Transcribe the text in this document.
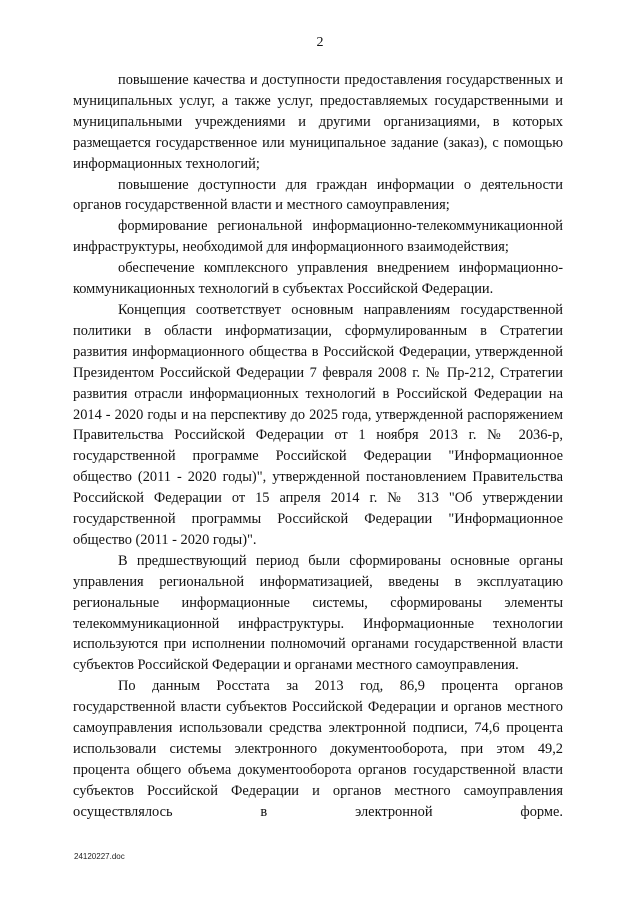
2

повышение качества и доступности предоставления государственных и муниципальных услуг, а также услуг, предоставляемых государственными и муниципальными учреждениями и другими организациями, в которых размещается государственное или муниципальное задание (заказ), с помощью информационных технологий;

повышение доступности для граждан информации о деятельности органов государственной власти и местного самоуправления;

формирование региональной информационно-телекоммуникационной инфраструктуры, необходимой для информационного взаимодействия;

обеспечение комплексного управления внедрением информационно-коммуникационных технологий в субъектах Российской Федерации.

Концепция соответствует основным направлениям государственной политики в области информатизации, сформулированным в Стратегии развития информационного общества в Российской Федерации, утвержденной Президентом Российской Федерации 7 февраля 2008 г. № Пр-212, Стратегии развития отрасли информационных технологий в Российской Федерации на 2014 - 2020 годы и на перспективу до 2025 года, утвержденной распоряжением Правительства Российской Федерации от 1 ноября 2013 г. № 2036-р, государственной программе Российской Федерации "Информационное общество (2011 - 2020 годы)", утвержденной постановлением Правительства Российской Федерации от 15 апреля 2014 г. № 313 "Об утверждении государственной программы Российской Федерации "Информационное общество (2011 - 2020 годы)".

В предшествующий период были сформированы основные органы управления региональной информатизацией, введены в эксплуатацию региональные информационные системы, сформированы элементы телекоммуникационной инфраструктуры. Информационные технологии используются при исполнении полномочий органами государственной власти субъектов Российской Федерации и органами местного самоуправления.

По данным Росстата за 2013 год, 86,9 процента органов государственной власти субъектов Российской Федерации и органов местного самоуправления использовали средства электронной подписи, 74,6 процента использовали системы электронного документооборота, при этом 49,2 процента общего объема документооборота органов государственной власти субъектов Российской Федерации и органов местного самоуправления осуществлялось в электронной форме.

24120227.doc
